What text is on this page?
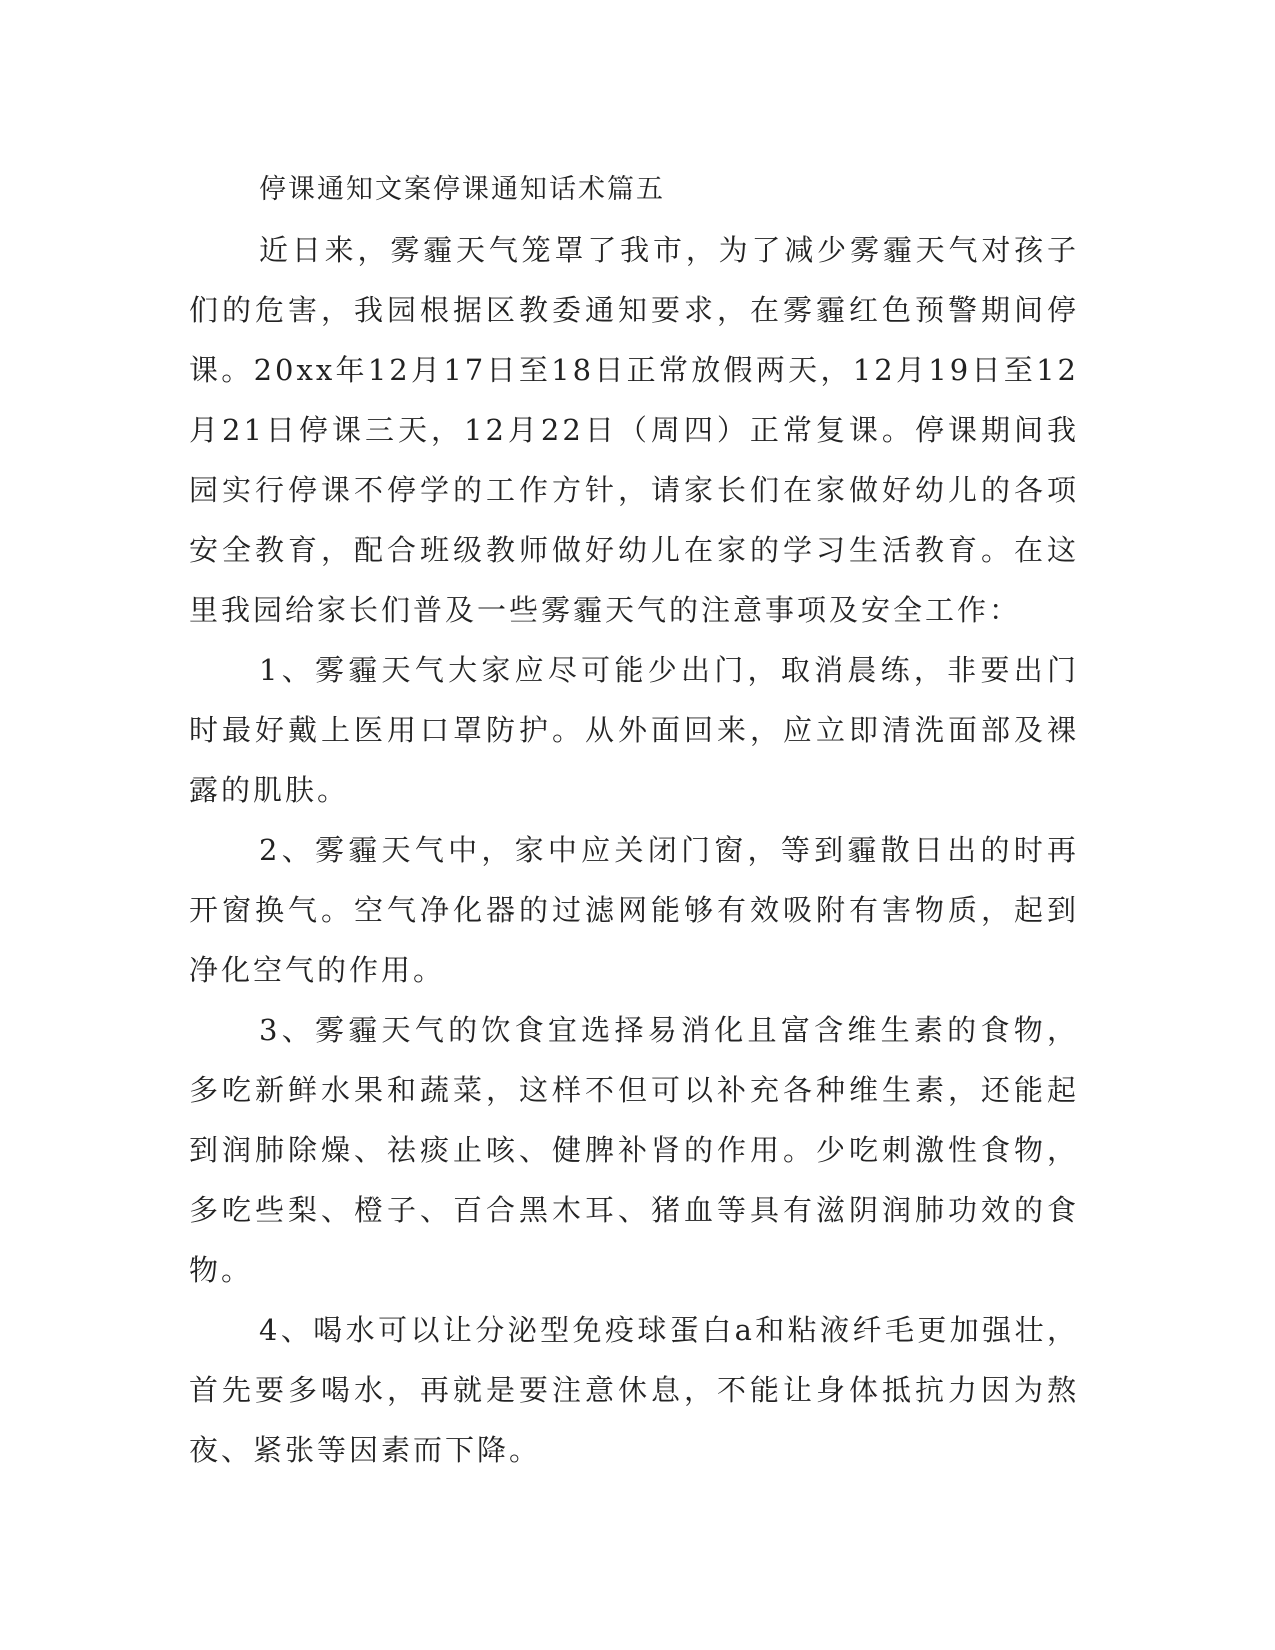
停课通知文案停课通知话术篇五

近日来，雾霾天气笼罩了我市，为了减少雾霾天气对孩子们的危害，我园根据区教委通知要求，在雾霾红色预警期间停课。20xx年12月17日至18日正常放假两天，12月19日至12月21日停课三天，12月22日（周四）正常复课。停课期间我园实行停课不停学的工作方针，请家长们在家做好幼儿的各项安全教育，配合班级教师做好幼儿在家的学习生活教育。在这里我园给家长们普及一些雾霾天气的注意事项及安全工作：

1、雾霾天气大家应尽可能少出门，取消晨练，非要出门时最好戴上医用口罩防护。从外面回来，应立即清洗面部及裸露的肌肤。

2、雾霾天气中，家中应关闭门窗，等到霾散日出的时再开窗换气。空气净化器的过滤网能够有效吸附有害物质，起到净化空气的作用。

3、雾霾天气的饮食宜选择易消化且富含维生素的食物，多吃新鲜水果和蔬菜，这样不但可以补充各种维生素，还能起到润肺除燥、祛痰止咳、健脾补肾的作用。少吃刺激性食物，多吃些梨、橙子、百合黑木耳、猪血等具有滋阴润肺功效的食物。

4、喝水可以让分泌型免疫球蛋白a和粘液纤毛更加强壮，首先要多喝水，再就是要注意休息，不能让身体抵抗力因为熬夜、紧张等因素而下降。
